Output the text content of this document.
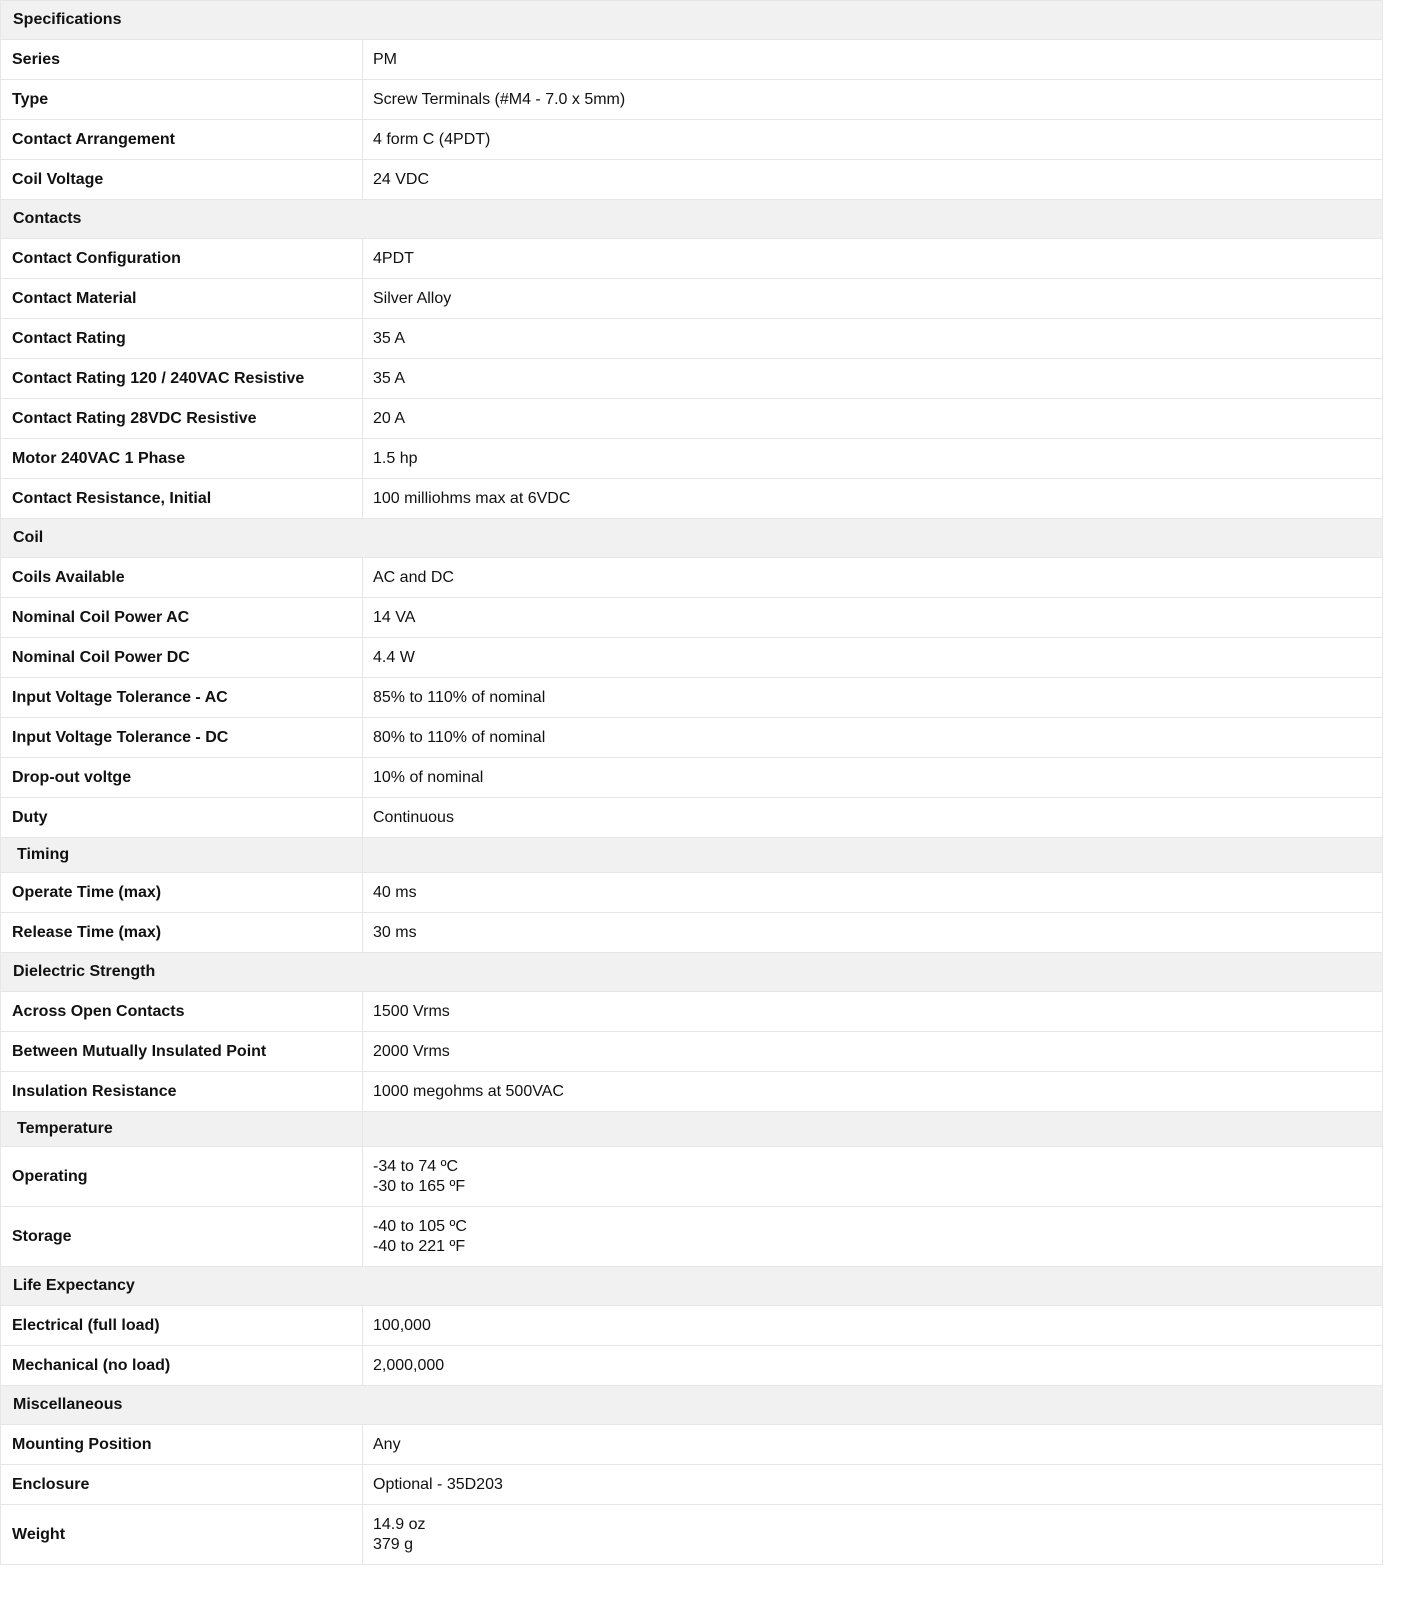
Specifications	
Series	PM

Type	Screw Terminals (#M4 - 7.0 x 5mm)

Contact Arrangement	4 form C (4PDT)

Coil Voltage	24 VDC

Contacts	
Contact Configuration	4PDT

Contact Material	Silver Alloy

Contact Rating	35 A

Contact Rating 120 / 240VAC Resistive	35 A

Contact Rating 28VDC Resistive	20 A

Motor 240VAC 1 Phase	1.5 hp

Contact Resistance, Initial	100 milliohms max at 6VDC

Coil	
Coils Available	AC and DC

Nominal Coil Power AC	14 VA

Nominal Coil Power DC	4.4 W

Input Voltage Tolerance - AC	85% to 110% of nominal

Input Voltage Tolerance - DC	80% to 110% of nominal

Drop-out voltge	10% of nominal

Duty	Continuous

Timing	
Operate Time (max)	40 ms

Release Time (max)	30 ms

Dielectric Strength	
Across Open Contacts	1500 Vrms

Between Mutually Insulated Point	2000 Vrms

Insulation Resistance	1000 megohms at 500VAC

Temperature	
Operating	-34 to 74 ºC
-30 to 165 ºF

Storage	-40 to 105 ºC
-40 to 221 ºF

Life Expectancy	
Electrical (full load)	100,000

Mechanical (no load)	2,000,000

Miscellaneous	
Mounting Position	Any

Enclosure	Optional - 35D203

Weight	14.9 oz
379 g
